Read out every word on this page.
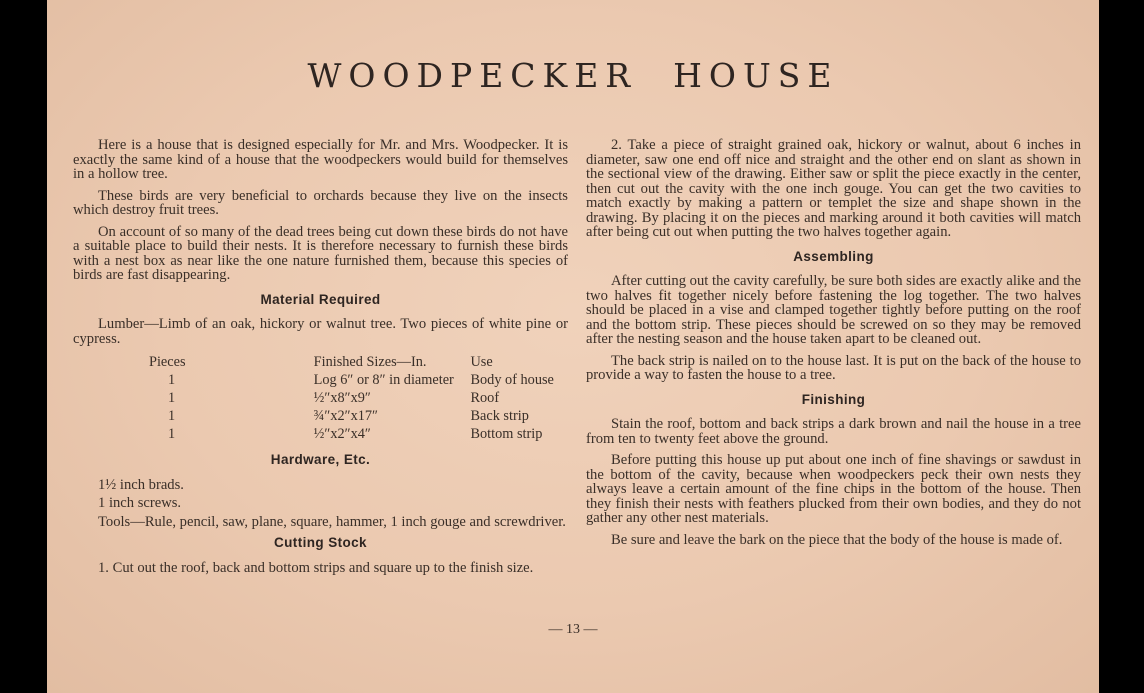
WOODPECKER HOUSE

Here is a house that is designed especially for Mr. and Mrs. Woodpecker. It is exactly the same kind of a house that the woodpeckers would build for themselves in a hollow tree.

These birds are very beneficial to orchards because they live on the insects which destroy fruit trees.

On account of so many of the dead trees being cut down these birds do not have a suitable place to build their nests. It is therefore necessary to furnish these birds with a nest box as near like the one nature furnished them, because this species of birds are fast disappearing.

Material Required

Lumber—Limb of an oak, hickory or walnut tree. Two pieces of white pine or cypress.

Pieces	Finished Sizes—In.	Use
1	Log 6″ or 8″ in diameter	Body of house
1	½″x8″x9″	Roof
1	¾″x2″x17″	Back strip
1	½″x2″x4″	Bottom strip
Hardware, Etc.
1½ inch brads.
1 inch screws.

Tools—Rule, pencil, saw, plane, square, hammer, 1 inch gouge and screwdriver.

Cutting Stock

1. Cut out the roof, back and bottom strips and square up to the finish size.

2. Take a piece of straight grained oak, hickory or walnut, about 6 inches in diameter, saw one end off nice and straight and the other end on slant as shown in the sectional view of the drawing. Either saw or split the piece exactly in the center, then cut out the cavity with the one inch gouge. You can get the two cavities to match exactly by making a pattern or templet the size and shape shown in the drawing. By placing it on the pieces and marking around it both cavities will match after being cut out when putting the two halves together again.

Assembling

After cutting out the cavity carefully, be sure both sides are exactly alike and the two halves fit together nicely before fastening the log together. The two halves should be placed in a vise and clamped together tightly before putting on the roof and the bottom strip. These pieces should be screwed on so they may be removed after the nesting season and the house taken apart to be cleaned out.

The back strip is nailed on to the house last. It is put on the back of the house to provide a way to fasten the house to a tree.

Finishing

Stain the roof, bottom and back strips a dark brown and nail the house in a tree from ten to twenty feet above the ground.

Before putting this house up put about one inch of fine shavings or sawdust in the bottom of the cavity, because when woodpeckers peck their own nests they always leave a certain amount of the fine chips in the bottom of the house. Then they finish their nests with feathers plucked from their own bodies, and they do not gather any other nest materials.

Be sure and leave the bark on the piece that the body of the house is made of.

— 13 —
